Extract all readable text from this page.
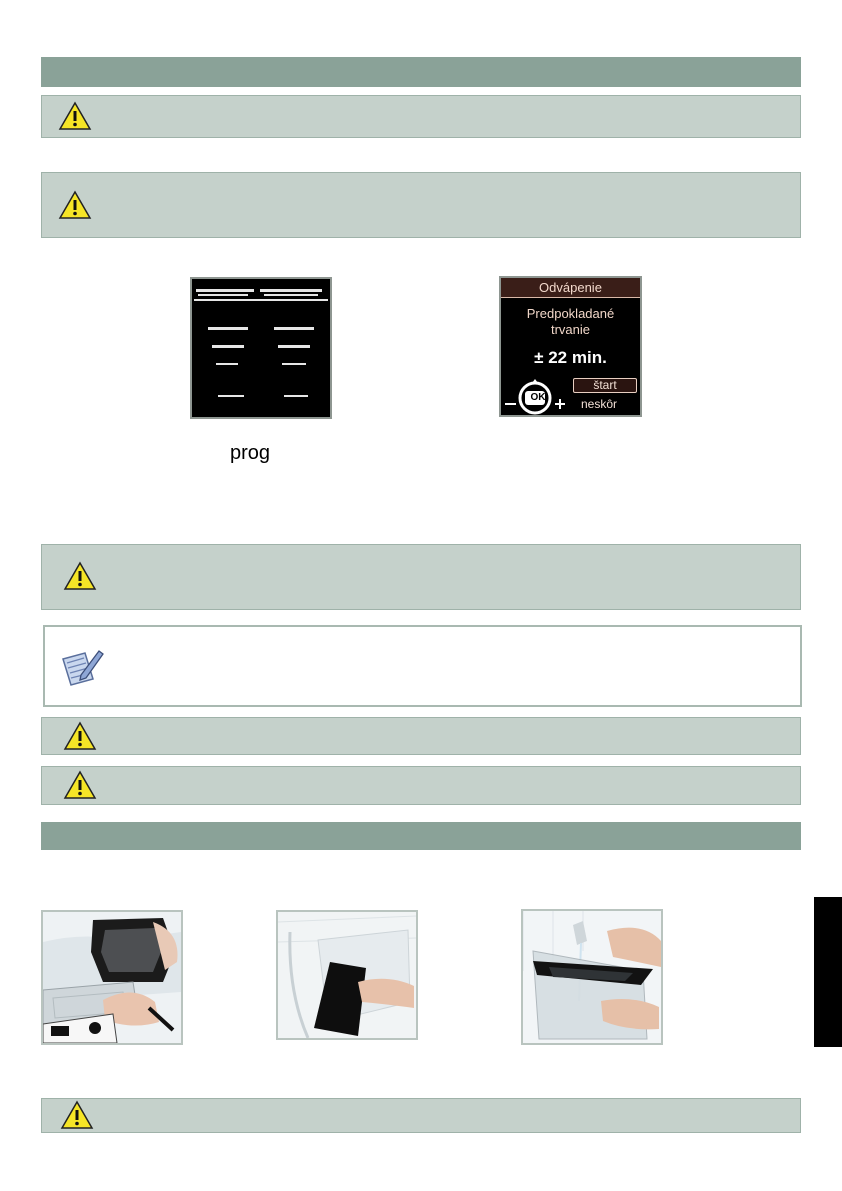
prog
Odvápenie
Predpokladané
trvanie
± 22 min.
OK
štart
neskôr
